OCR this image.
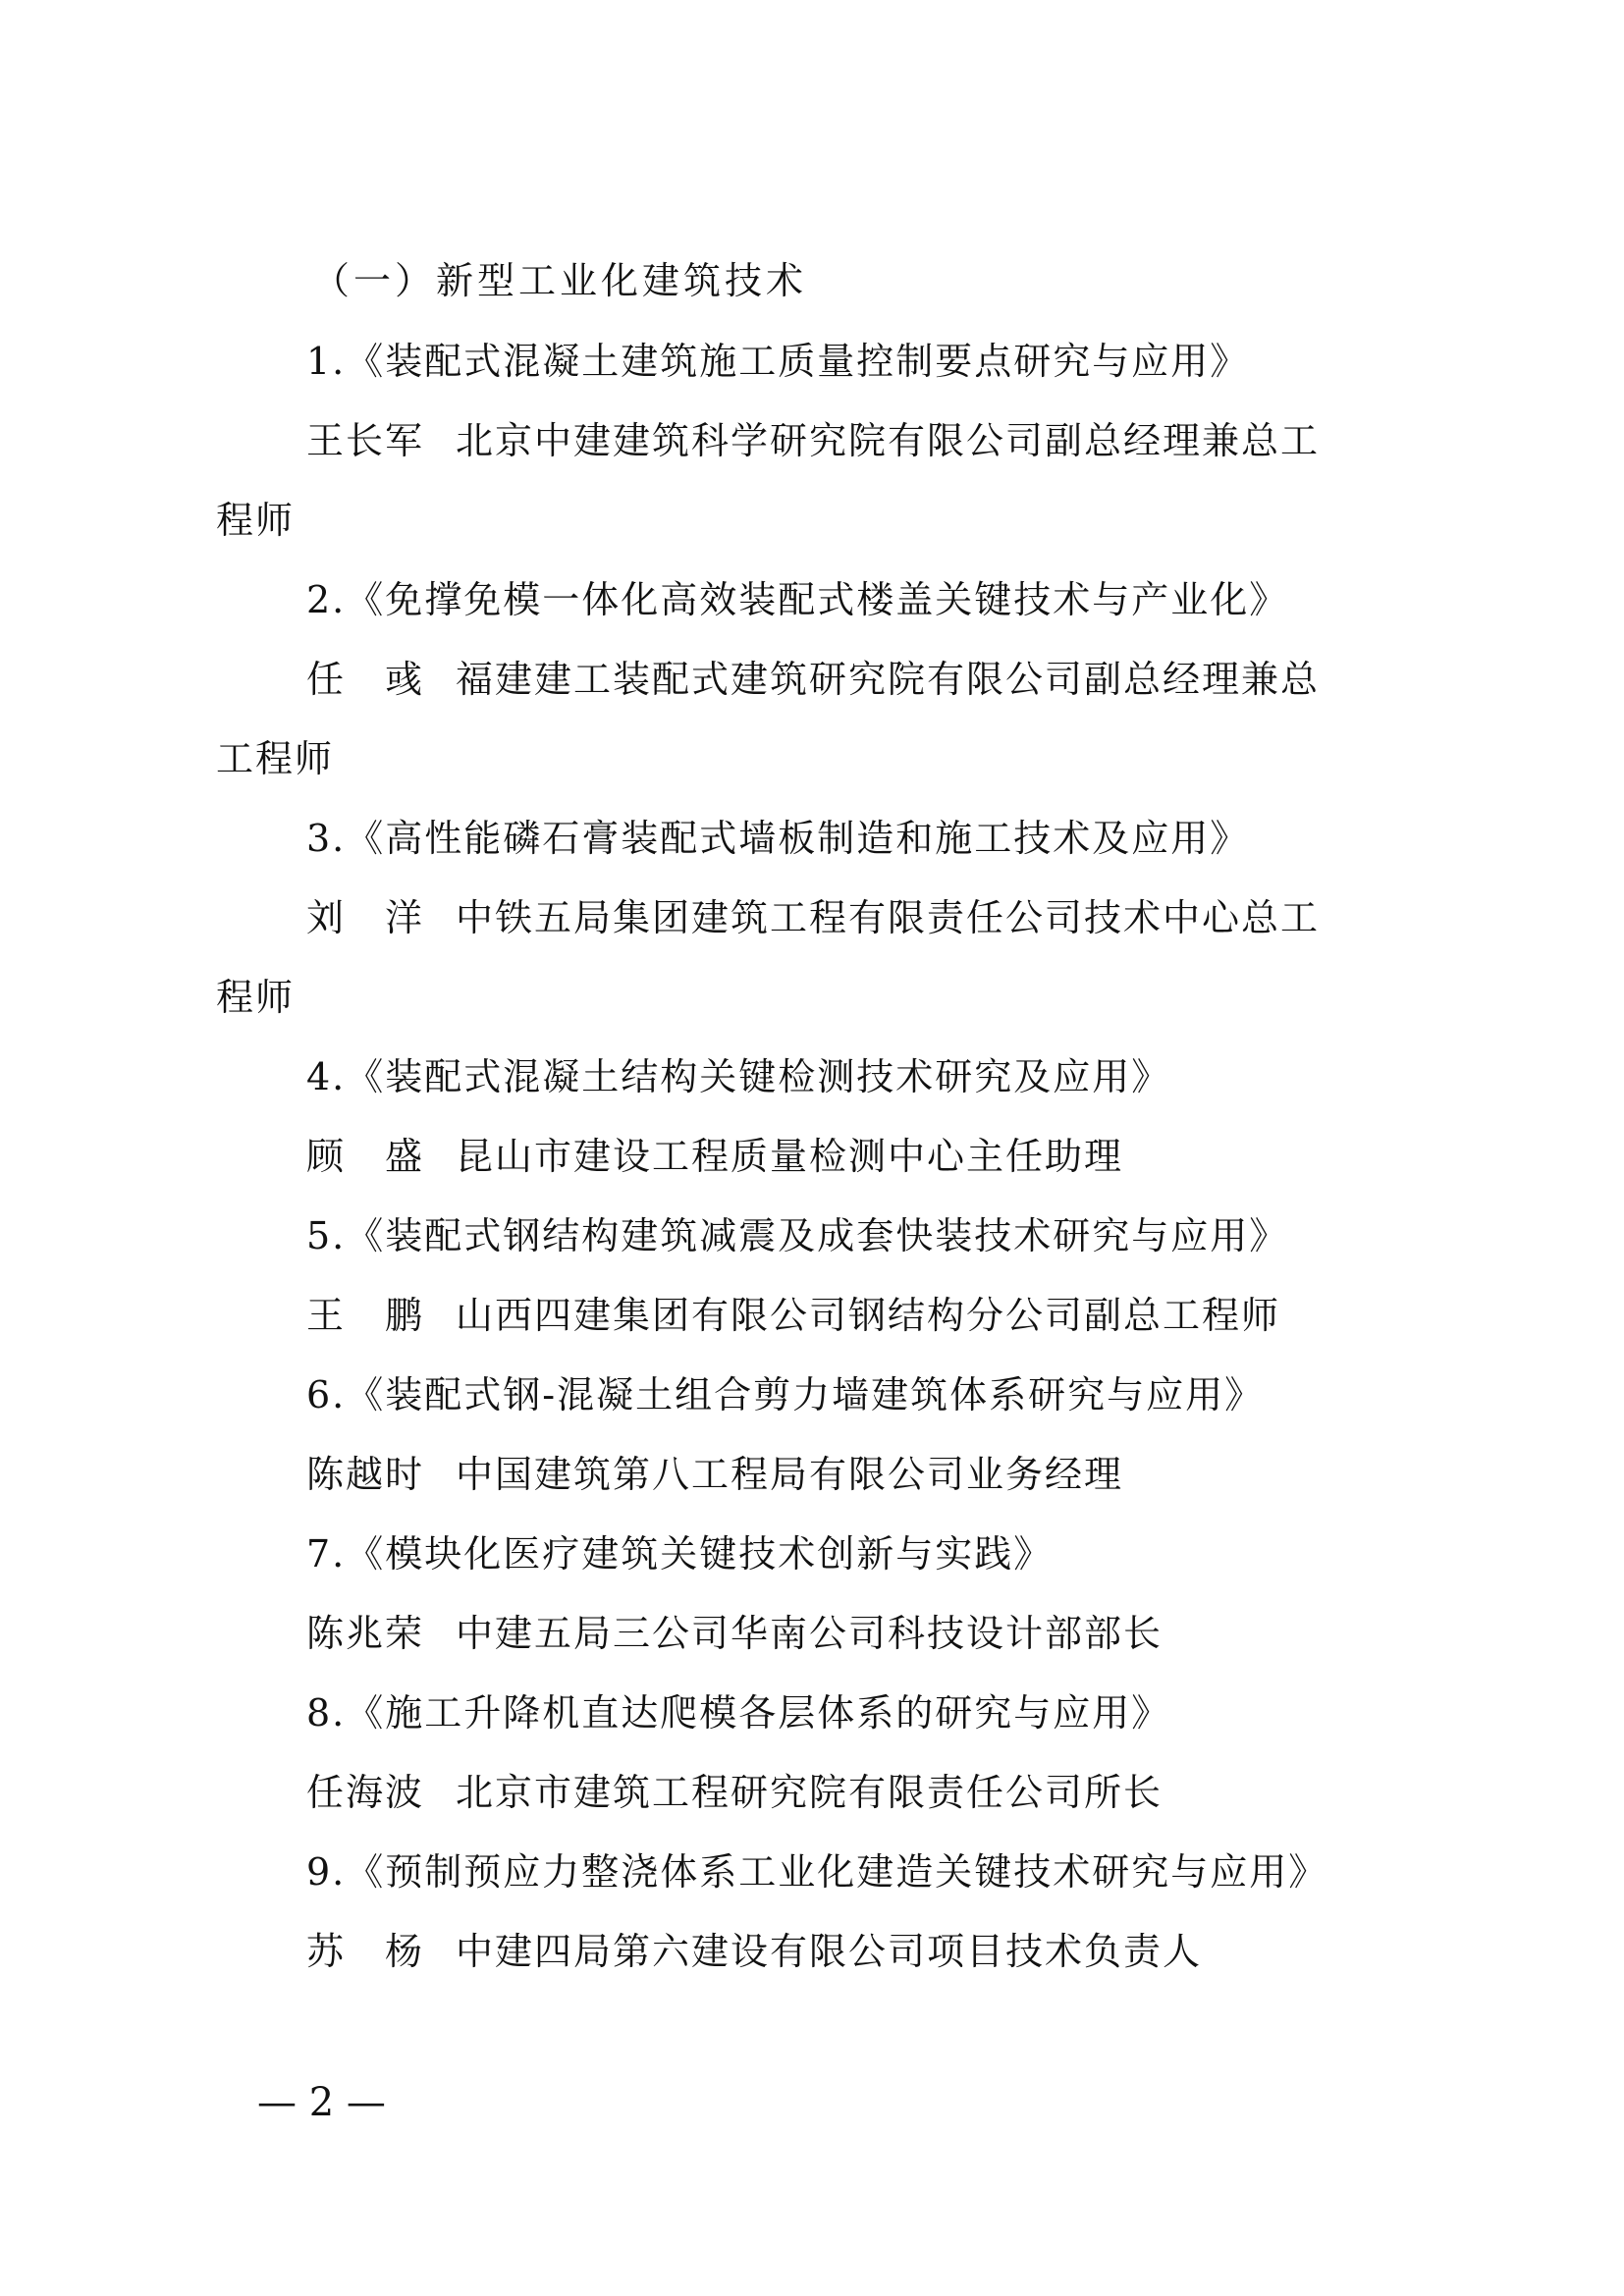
（一）新型工业化建筑技术
1.《装配式混凝土建筑施工质量控制要点研究与应用》
王长军 北京中建建筑科学研究院有限公司副总经理兼总工
程师
2.《免撑免模一体化高效装配式楼盖关键技术与产业化》
任　彧 福建建工装配式建筑研究院有限公司副总经理兼总
工程师
3.《高性能磷石膏装配式墙板制造和施工技术及应用》
刘　洋 中铁五局集团建筑工程有限责任公司技术中心总工
程师
4.《装配式混凝土结构关键检测技术研究及应用》
顾　盛 昆山市建设工程质量检测中心主任助理
5.《装配式钢结构建筑减震及成套快装技术研究与应用》
王　鹏 山西四建集团有限公司钢结构分公司副总工程师
6.《装配式钢-混凝土组合剪力墙建筑体系研究与应用》
陈越时 中国建筑第八工程局有限公司业务经理
7.《模块化医疗建筑关键技术创新与实践》
陈兆荣 中建五局三公司华南公司科技设计部部长
8.《施工升降机直达爬模各层体系的研究与应用》
任海波 北京市建筑工程研究院有限责任公司所长
9.《预制预应力整浇体系工业化建造关键技术研究与应用》
苏　杨 中建四局第六建设有限公司项目技术负责人
— 2 —
